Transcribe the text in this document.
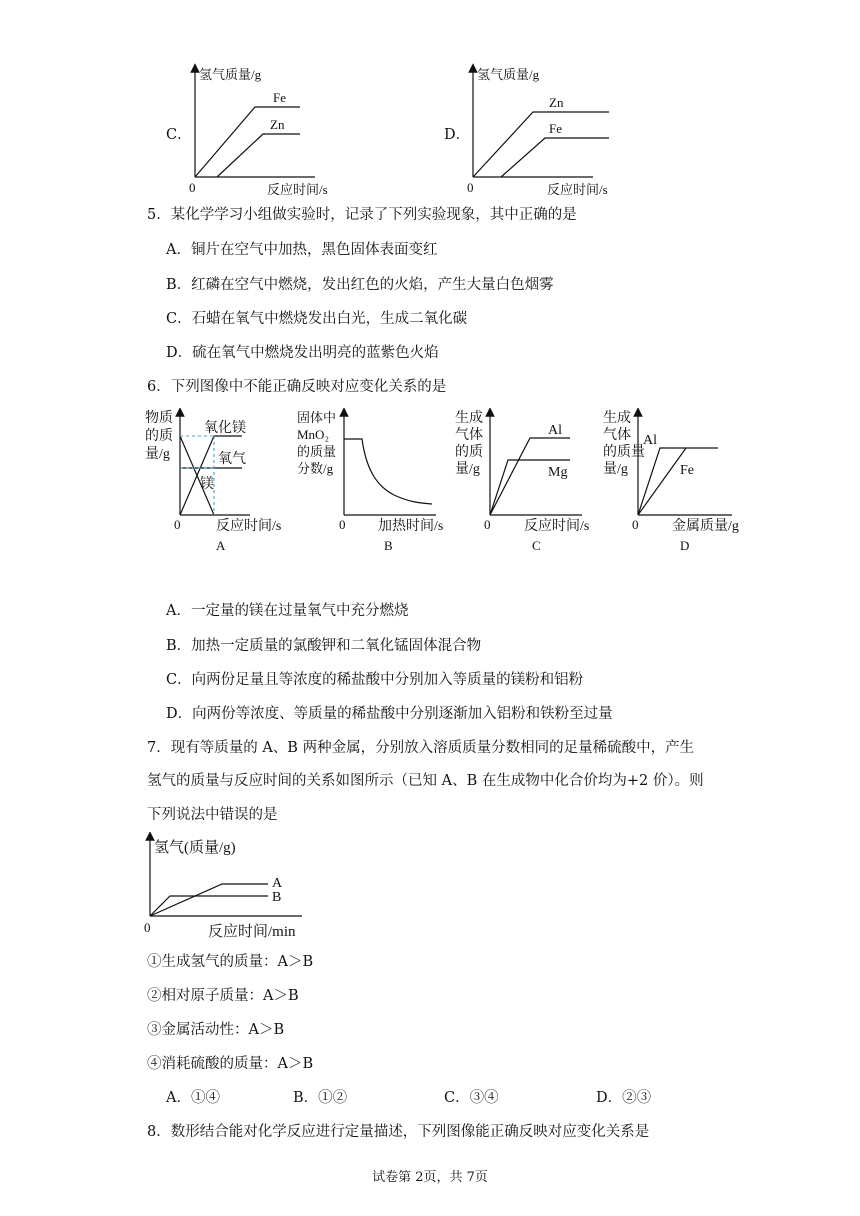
C．
氢气质量/g
0	反应时间/s
Fe
Zn
D．
氢气质量/g
0	反应时间/s
Zn
Fe
5．某化学学习小组做实验时，记录了下列实验现象，其中正确的是
A．铜片在空气中加热，黑色固体表面变红
B．红磷在空气中燃烧，发出红色的火焰，产生大量白色烟雾
C．石蜡在氧气中燃烧发出白光，生成二氧化碳
D．硫在氧气中燃烧发出明亮的蓝紫色火焰
6．下列图像中不能正确反映对应变化关系的是
物质
的质
量/g
0	反应时间/s
氧化镁
氧气
镁
A
固体中
MnO₂
的质量
分数/g
0 加热时间/s
B
生成
气体
的质
量/g
0 反应时间/s
Al
Mg
C
生成
气体
的质量
量/g
0 金属质量/g
Al
Fe
D
A．一定量的镁在过量氧气中充分燃烧
B．加热一定质量的氯酸钾和二氧化锰固体混合物
C．向两份足量且等浓度的稀盐酸中分别加入等质量的镁粉和铝粉
D．向两份等浓度、等质量的稀盐酸中分别逐渐加入铝粉和铁粉至过量
7．现有等质量的 A、B 两种金属，分别放入溶质质量分数相同的足量稀硫酸中，产生
氢气的质量与反应时间的关系如图所示（已知 A、B 在生成物中化合价均为+2 价）。则
下列说法中错误的是
氢气(质量/g)
0	反应时间/min
A
B
①生成氢气的质量：A＞B
②相对原子质量：A＞B
③金属活动性：A＞B
④消耗硫酸的质量：A＞B
A．①④	B．①②	C．③④	D．②③
8．数形结合能对化学反应进行定量描述，下列图像能正确反映对应变化关系是
试卷第 2页，共 7页
